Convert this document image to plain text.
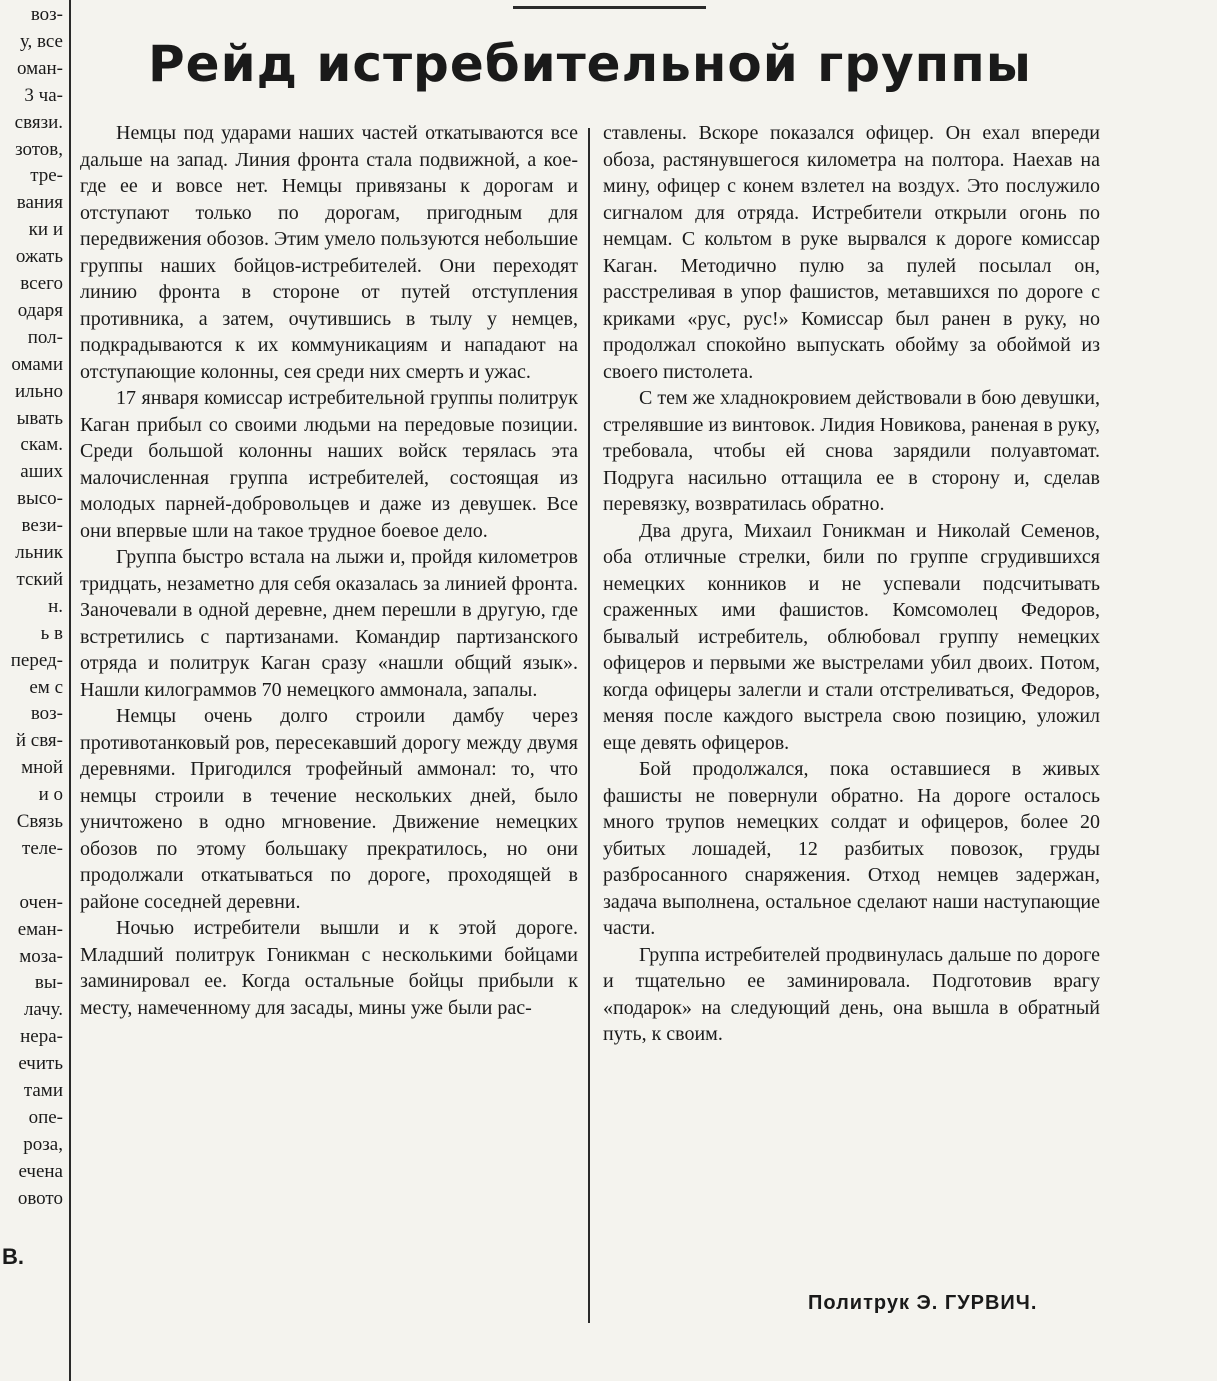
В.
воз-
у, все
оман-
3 ча-
связи.
зотов,
тре-
вания
ки и
ожать
всего
одаря
пол-
омами
ильно
ывать
скам.
аших
высо-
вези-
льник
тский
н.
ь в
перед-
ем с
воз-
й свя-
мной
и о
Связь
теле-
очен-
еман-
моза-
вы-
лачу.
нера-
ечить
тами
опе-
роза,
ечена
овото
Рейд истребительной группы

Немцы под ударами наших частей откатываются все дальше на запад. Линия фронта стала подвижной, а кое-где ее и вовсе нет. Немцы привязаны к дорогам и отступают только по дорогам, пригодным для передвижения обозов. Этим умело пользуются небольшие группы наших бойцов-истребителей. Они переходят линию фронта в стороне от путей отступления противника, а затем, очутившись в тылу у немцев, подкрадываются к их коммуникациям и нападают на отступающие колонны, сея среди них смерть и ужас.

17 января комиссар истребительной группы политрук Каган прибыл со своими людьми на передовые позиции. Среди большой колонны наших войск терялась эта малочисленная группа истребителей, состоящая из молодых парней-добровольцев и даже из девушек. Все они впервые шли на такое трудное боевое дело.

Группа быстро встала на лыжи и, пройдя километров тридцать, незаметно для себя оказалась за линией фронта. Заночевали в одной деревне, днем перешли в другую, где встретились с партизанами. Командир партизанского отряда и политрук Каган сразу «нашли общий язык». Нашли килограммов 70 немецкого аммонала, запалы.

Немцы очень долго строили дамбу через противотанковый ров, пересекавший дорогу между двумя деревнями. Пригодился трофейный аммонал: то, что немцы строили в течение нескольких дней, было уничтожено в одно мгновение. Движение немецких обозов по этому большаку прекратилось, но они продолжали откатываться по дороге, проходящей в районе соседней деревни.

Ночью истребители вышли и к этой дороге. Младший политрук Гоникман с несколькими бойцами заминировал ее. Когда остальные бойцы прибыли к месту, намеченному для засады, мины уже были рас-

ставлены. Вскоре показался офицер. Он ехал впереди обоза, растянувшегося километра на полтора. Наехав на мину, офицер с конем взлетел на воздух. Это послужило сигналом для отряда. Истребители открыли огонь по немцам. С кольтом в руке вырвался к дороге комиссар Каган. Методично пулю за пулей посылал он, расстреливая в упор фашистов, метавшихся по дороге с криками «рус, рус!» Комиссар был ранен в руку, но продолжал спокойно выпускать обойму за обоймой из своего пистолета.

С тем же хладнокровием действовали в бою девушки, стрелявшие из винтовок. Лидия Новикова, раненая в руку, требовала, чтобы ей снова зарядили полуавтомат. Подруга насильно оттащила ее в сторону и, сделав перевязку, возвратилась обратно.

Два друга, Михаил Гоникман и Николай Семенов, оба отличные стрелки, били по группе сгрудившихся немецких конников и не успевали подсчитывать сраженных ими фашистов. Комсомолец Федоров, бывалый истребитель, облюбовал группу немецких офицеров и первыми же выстрелами убил двоих. Потом, когда офицеры залегли и стали отстреливаться, Федоров, меняя после каждого выстрела свою позицию, уложил еще девять офицеров.

Бой продолжался, пока оставшиеся в живых фашисты не повернули обратно. На дороге осталось много трупов немецких солдат и офицеров, более 20 убитых лошадей, 12 разбитых повозок, груды разбросанного снаряжения. Отход немцев задержан, задача выполнена, остальное сделают наши наступающие части.

Группа истребителей продвинулась дальше по дороге и тщательно ее заминировала. Подготовив врагу «подарок» на следующий день, она вышла в обратный путь, к своим.

Политрук Э. ГУРВИЧ.
